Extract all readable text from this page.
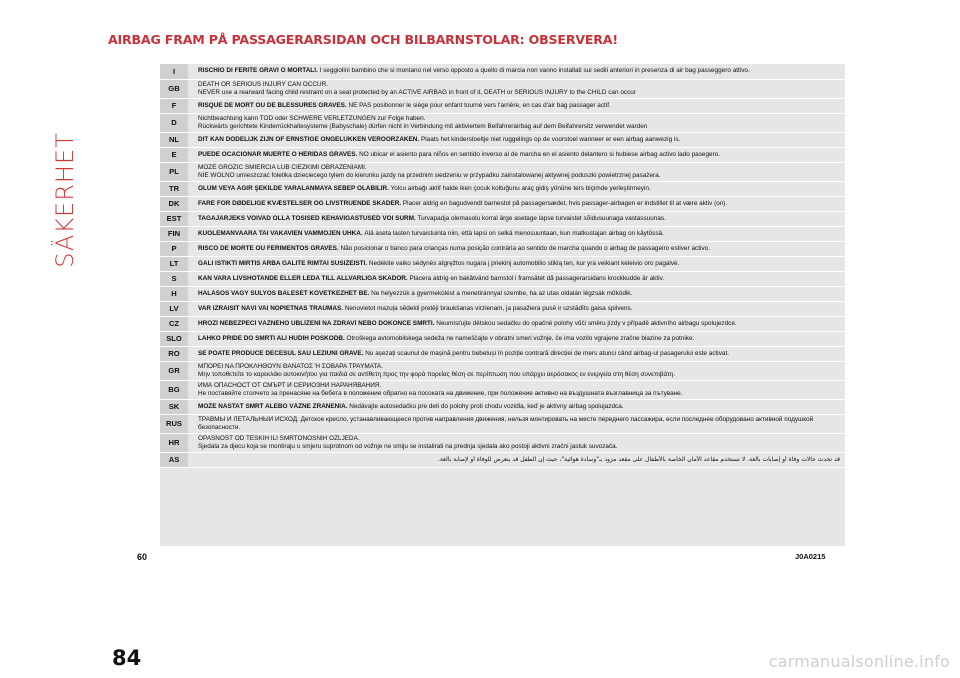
SÄKERHET
AIRBAG FRAM PÅ PASSAGERARSIDAN OCH BILBARNSTOLAR: OBSERVERA!
I	RISCHIO DI FERITE GRAVI O MORTALI. I seggiolini bambino che si montano nel verso opposto a quello di marcia non vanno installati sui sedili anteriori in presenza di air bag passeggero attivo.

GB	DEATH OR SERIOUS INJURY CAN OCCUR.
NEVER use a rearward facing child restraint on a seat protected by an ACTIVE AIRBAG in front of it, DEATH or SERIOUS INJURY to the CHILD can occur

F	RISQUE DE MORT OU DE BLESSURES GRAVES. NE PAS positionner le siège pour enfant tourné vers l'arrière, en cas d'air bag passager actif.

D	Nichtbeachtung kann TOD oder SCHWERE VERLETZUNGEN zur Folge haben.
Rückwärts gerichtete Kinderrückhaltesysteme (Babyschale) dürfen nicht in Verbindung mit aktiviertem Beifahrerairbag auf dem Beifahrersitz verwendet warden

NL	DIT KAN DODELIJK ZIJN OF ERNSTIGE ONGELUKKEN VEROORZAKEN. Plaats het kinderstoeltje niet ruggelings op de voorstoel wanneer er een airbag aanwezig is.

E	PUEDE OCACIONAR MUERTE O HERIDAS GRAVES. NO ubicar el asiento para niños en sentido inverso al de marcha en el asiento delantero si hubiese airbag activo lado pasegero.

PL	MOŻE GROZIĆ ŚMIERCIA LUB CIEŻKIMI OBRAŻENIAMI.
NIE WOLNO umieszczać foletika dzieciecego tylem do kierunku jazdy na przednim siedzeniu w przypadku zainstalowanej aktywnej poduszki powietrznej pasażera.

TR	ÖLÜM VEYA AĞIR ŞEKİLDE YARALANMAYA SEBEP OLABİLİR. Yolcu airbağı aktif halde iken çocuk koltuğunu araç gidiş yönüne ters biçimde yerleştirmeyin.

DK	FARE FOR DØDELIGE KVÆSTELSER OG LIVSTRUENDE SKADER. Placer aldrig en bagudvendt barnestol på passagersædet, hvis passager-airbagen er indstillet til at være aktiv (on).

EST	TAGAJÄRJEKS VÕIVAD OLLA TÕSISED KEHAVIGASTUSED VÕI SURM. Turvapadja olemasolu korral ärge asetage lapse turvaistet sõidusuunaga vastassuunas.

FIN	KUOLEMANVAARA TAI VAKAVIEN VAMMOJEN UHKA. Älä aseta lasten turvaistuinta niin, että lapsi on selkä menosuuntaan, kun matkustajan airbag on käytössä.

P	RISCO DE MORTE OU FERIMENTOS GRAVES. Não posicionar o banco para crianças numa posição contrária ao sentido de marcha quando o airbag de passageiro estiver activo.

LT	GALI IŠTIKTI MIRTIS ARBA GALITE RIMTAI SUSIŽEISTI. Nedėkite vaiko sėdynės atgręžtos nugara į priekinį automobilio stiklą ten, kur yra veikiant keleivio oro pagalvė.

S	KAN VARA LIVSHOTANDE ELLER LEDA TILL ALLVARLIGA SKADOR. Placera aldrig en bakåtvänd barnstol i framsätet då passagerarsidans krockkudde är aktiv.

H	HALÁSOS VAGY SÚLYOS BALESET KÖVETKEZHET BE. Ne helyezzük a gyermekülést a menetiránnyal szembe, ha az utas oldalán légzsák működik.

LV	VAR IZRAISĪT NĀVI VAI NOPIETNAS TRAUMAS. Nenovietot mazuļa sēdekli pretēji braukšanas virzienam, ja pasažiera pusē ir uzstādīts gaisa spilvens.

CZ	HROZÍ NEBEZPEČÍ VÁŽNÉHO UBLÍŽENÍ NA ZDRAVÍ NEBO DOKONCE SMRTI. Neumísťujte dětskou sedačku do opačné polohy vůči směru jízdy v případě aktivního airbagu spolujezdce.

SLO	LAHKO PRIDE DO SMRTI ALI HUDIH POŠKODB. Otroškega avtomobilskega sedeža ne nameščajte v obratni smeri vožnje, če ima vozilo vgrajene zračne blazine za potnike.

RO	SE POATE PRODUCE DECESUL SAU LEZIUNI GRAVE. Nu așezați scaunul de mașină pentru bebeluși în poziție contrară direcției de mers atunci când airbag-ul pasagerului este activat.

GR	ΜΠΟΡΕΙ ΝΑ ΠΡΟΚΛΗΘΟΥΝ ΘΑΝΑΤΟΣ Ή ΣΟΒΑΡΑ ΤΡΑΥΜΑΤΑ.
Μην τοποθετείτε το καρεκλάκι αυτοκινήτου για παιδιά σε αντίθετη προς την φορά πορείας θέση σε περίπτωση που υπάρχει αερόσακος εν ενεργεία στη θέση συνεπιβάτη.

BG	ИМА ОПАСНОСТ ОТ СМЪРТ И СЕРИОЗНИ НАРАНЯВАНИЯ.
Не поставяйте столчето за пренасяне на бебета в положение обратно на посоката на движение, при положение активно на въздушната възглавница за пътуване.

SK	MÔŽE NASTAŤ SMRŤ ALEBO VÁŽNE ZRANENIA. Nedávajte autosedačku pre deti do polohy proti chodu vozidla, keď je aktívny airbag spolujazdca.

RUS	ТРАВМЫ И ЛЕТАЛЬНЫЙ ИСХОД. Детское кресло, устанавливающееся против направления движения, нельзя монтировать на месте переднего пассажира, если последнее оборудовано активной подушкой безопасности.

HR	OPASNOST OD TEŠKIH ILI SMRTONOSNIH OZLJEDA.
Sjedala za djecu koja se montiraju u smjeru suprotnom od vožnje ne smiju se instalirati na prednja sjedala ako postoji aktivni zračni jastuk suvozača.

AS	قد تحدث حالات وفاة أو إصابات بالغة. لا تستخدم مقاعد الأمان الخاصة بالأطفال على مقعد مزود بـ"وسادة هوائية"، حيث إن الطفل قد يتعرض للوفاة أو لإصابة بالغة.
60	J0A0215
84	carmanualsonline.info
